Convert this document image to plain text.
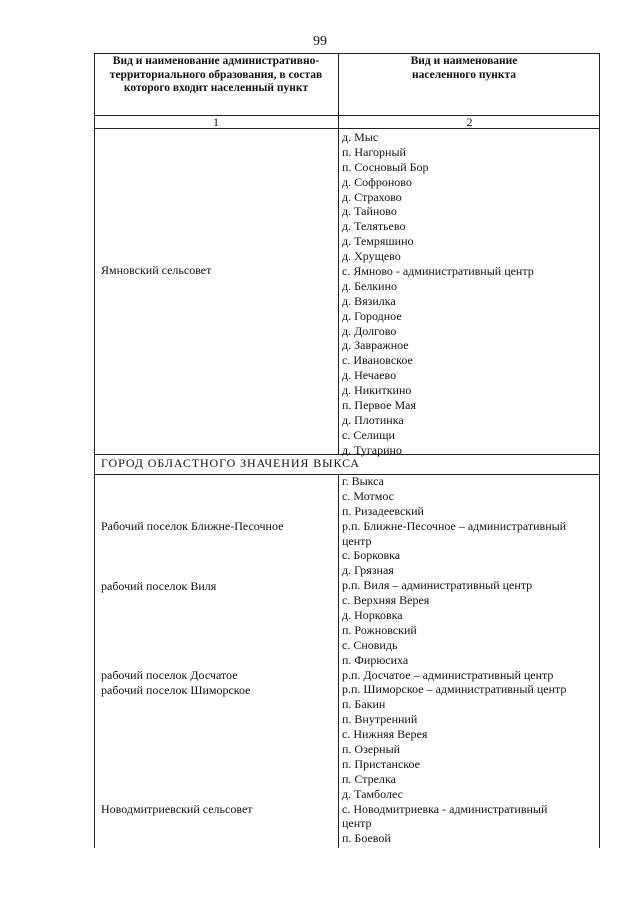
99
Вид и наименование административно-территориального образования, в состав которого входит населенный пункт
Вид и наименование населенного пункта
1	2
Ямновский сельсовет
д. Мыс
п. Нагорный
п. Сосновый Бор
д. Софроново
д. Страхово
д. Тайново
д. Телятьево
д. Темряшино
д. Хрущево
с. Ямново - административный центр
д. Белкино
д. Вязилка
д. Городное
д. Долгово
д. Завражное
с. Ивановское
д. Нечаево
д. Никиткино
п. Первое Мая
д. Плотинка
с. Селищи
д. Тугарино
ГОРОД ОБЛАСТНОГО ЗНАЧЕНИЯ ВЫКСА
Рабочий поселок Ближне-Песочное
рабочий поселок Виля
рабочий поселок Досчатое
рабочий поселок Шиморское
Новодмитриевский сельсовет
г. Выкса
с. Мотмос
п. Ризадеевский
р.п. Ближне-Песочное – административный
центр
с. Борковка
д. Грязная
р.п. Виля – административный центр
с. Верхняя Верея
д. Норковка
п. Рожновский
с. Сновидь
п. Фирюсиха
р.п. Досчатое – административный центр
р.п. Шиморское – административный центр
п. Бакин
п. Внутренний
с. Нижняя Верея
п. Озерный
п. Пристанское
п. Стрелка
д. Тамболес
с. Новодмитриевка - административный
центр
п. Боевой
